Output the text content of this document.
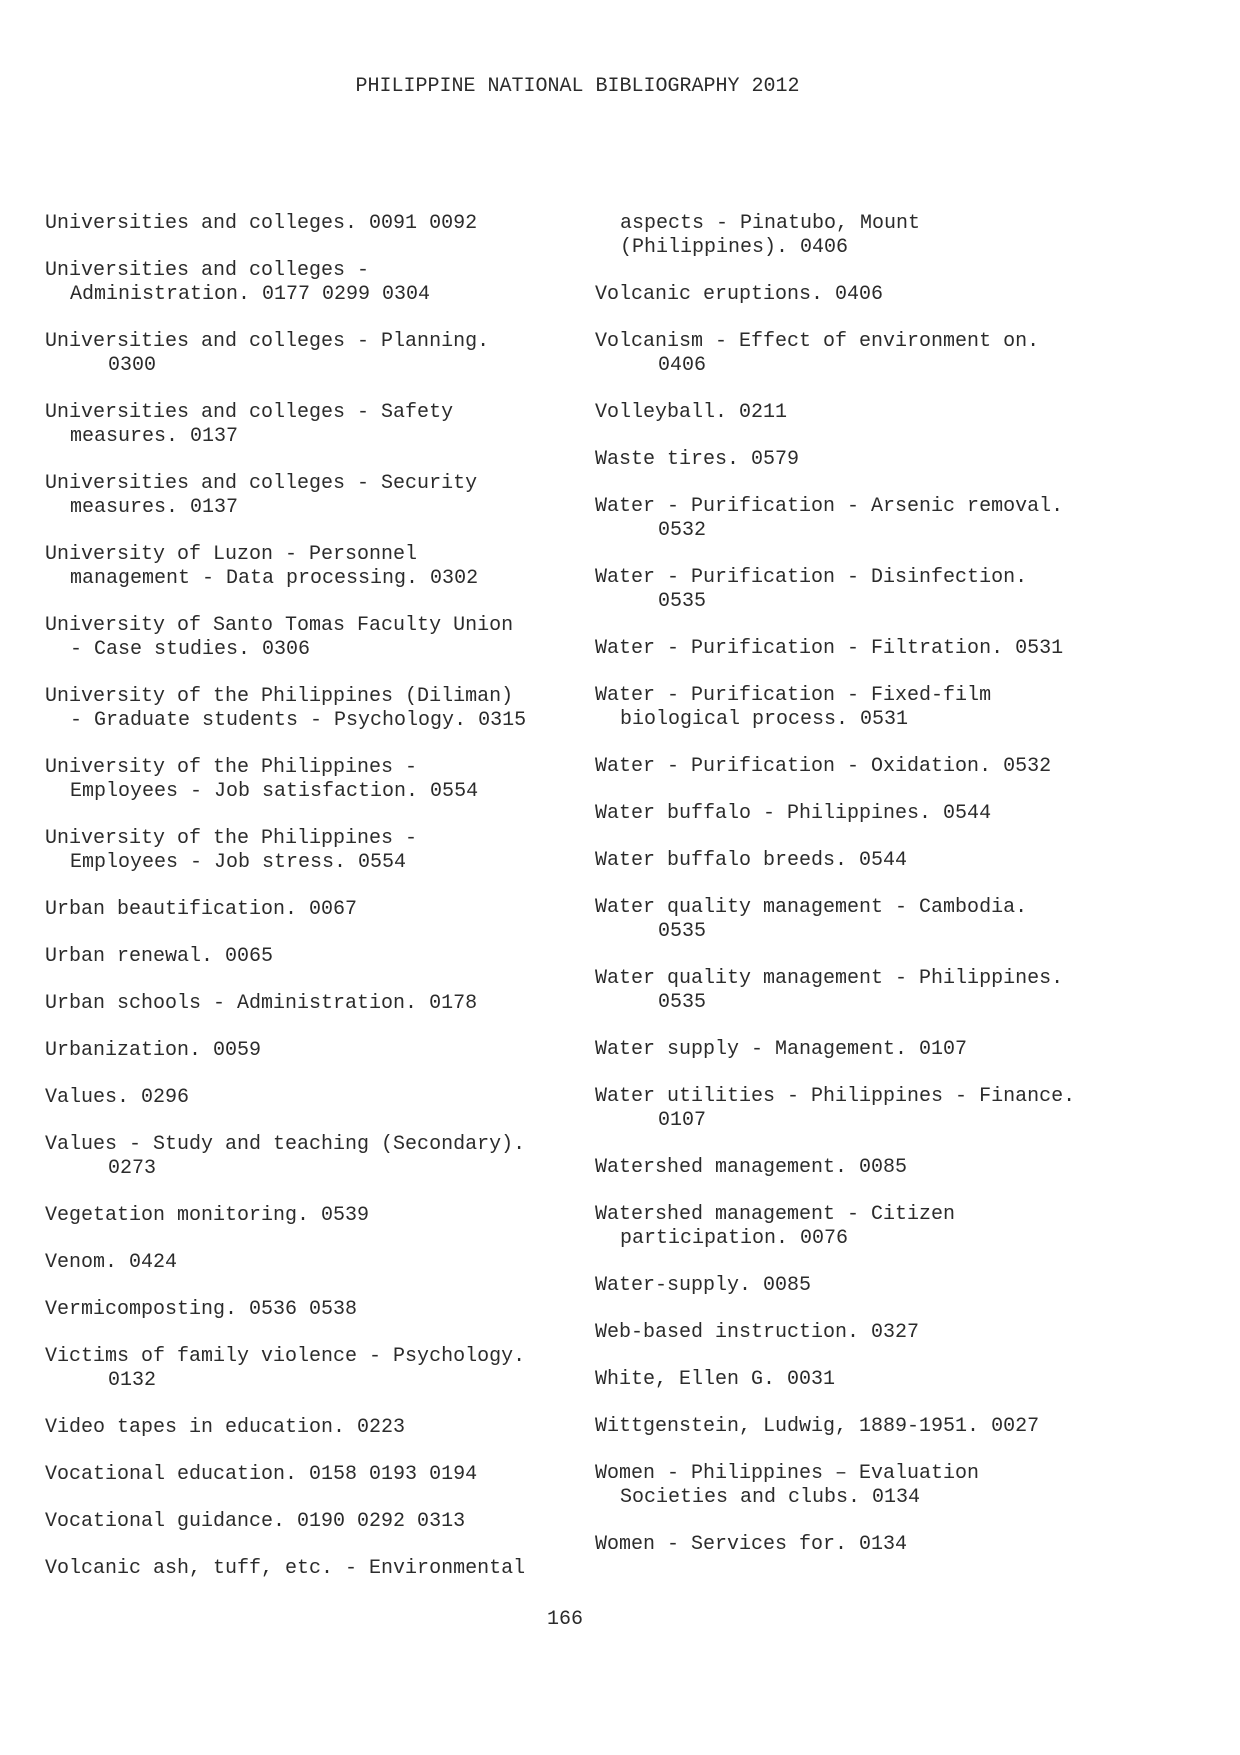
PHILIPPINE NATIONAL BIBLIOGRAPHY 2012
Universities and colleges. 0091 0092
Universities and colleges -
Administration. 0177 0299 0304
Universities and colleges - Planning.
0300
Universities and colleges - Safety
measures. 0137
Universities and colleges - Security
measures. 0137
University of Luzon - Personnel
management - Data processing. 0302
University of Santo Tomas Faculty Union
- Case studies. 0306
University of the Philippines (Diliman)
- Graduate students - Psychology. 0315
University of the Philippines -
Employees - Job satisfaction. 0554
University of the Philippines -
Employees - Job stress. 0554
Urban beautification. 0067
Urban renewal. 0065
Urban schools - Administration. 0178
Urbanization. 0059
Values. 0296
Values - Study and teaching (Secondary).
0273
Vegetation monitoring. 0539
Venom. 0424
Vermicomposting. 0536 0538
Victims of family violence - Psychology.
0132
Video tapes in education. 0223
Vocational education. 0158 0193 0194
Vocational guidance. 0190 0292 0313
Volcanic ash, tuff, etc. - Environmental
aspects - Pinatubo, Mount
(Philippines). 0406
Volcanic eruptions. 0406
Volcanism - Effect of environment on.
0406
Volleyball. 0211
Waste tires. 0579
Water - Purification - Arsenic removal.
0532
Water - Purification - Disinfection.
0535
Water - Purification - Filtration. 0531
Water - Purification - Fixed-film
biological process. 0531
Water - Purification - Oxidation. 0532
Water buffalo - Philippines. 0544
Water buffalo breeds. 0544
Water quality management - Cambodia.
0535
Water quality management - Philippines.
0535
Water supply - Management. 0107
Water utilities - Philippines - Finance.
0107
Watershed management. 0085
Watershed management - Citizen
participation. 0076
Water-supply. 0085
Web-based instruction. 0327
White, Ellen G. 0031
Wittgenstein, Ludwig, 1889-1951. 0027
Women - Philippines – Evaluation
Societies and clubs. 0134
Women - Services for. 0134
166
